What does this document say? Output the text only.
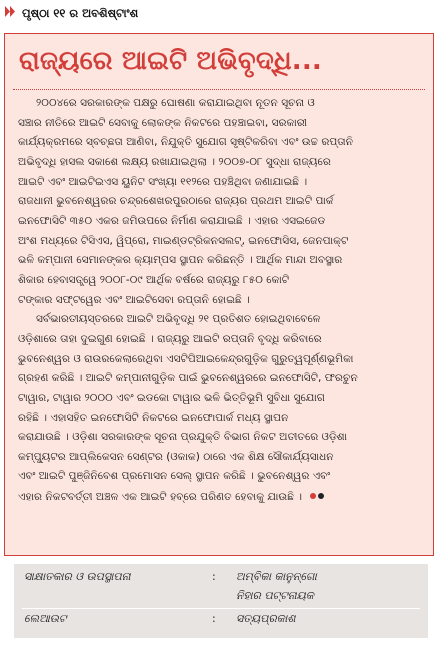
ପୃଷ୍ଠା ୧୧ ର ଅବଶିଷ୍ଟାଂଶ
ରାଜ୍ୟରେ ଆଇଟି ଅଭିବୃଦ୍ଧି...

୨୦୦୪ରେ ସରକାରଙ୍କ ପକ୍ଷରୁ ଘୋଷଣା କରାଯାଇଥିବା ନୂତନ ସୂଚନା ଓ
ସଞ୍ଚାର ନୀତିରେ ଆଇଟି ସେବାକୁ ଲୋକଙ୍କ ନିକଟରେ ପହଞ୍ଚାଇବା, ସରକାରୀ
କାର୍ଯ୍ୟକ୍ରମରେ ସ୍ବଚ୍ଛତା ଆଣିବା, ନିଯୁକ୍ତି ସୁଯୋଗ ସୃଷ୍ଟିକରିବା ଏବଂ ଉଚ୍ଚ ରପ୍ତାନି
ଅଭିବୃଦ୍ଧି ହାସଲ ସକାଶେ ଲକ୍ଷ୍ୟ ରଖାଯାଇଥିଲା । ୨୦୦୭-୦୮ ସୁଦ୍ଧା ରାଜ୍ୟରେ
ଆଇଟି ଏବଂ ଆଇଟିଇଏସ ୟୁନିଟ ସଂଖ୍ୟା ୧୧୨ରେ ପହଞ୍ଚିଥିବା ଜଣାଯାଇଛି ।
ରାଜଧାନୀ ଭୁବନେଶ୍ୱରର ଚନ୍ଦ୍ରଶେଖରପୁରଠାରେ ରାଜ୍ୟର ପ୍ରଥମ ଆଇଟି ପାର୍କ
ଇନଫୋସିଟି ୩୫୦ ଏକର ଜମିଉପରେ ନିର୍ମାଣ କରାଯାଇଛି । ଏହାର ଏସଇଜେଡ
ଅଂଶ ମଧ୍ୟରେ ଟିସିଏସ, ୱିପ୍ରୋ, ମାଇଣ୍ଡଟ୍ରିକନସଲଟ୍, ଇନଫୋସିସ, ଜେନପାକ୍ଟ
ଭଳି କମ୍ପାନୀ ସେମାନଙ୍କର କ୍ୟାମ୍ପସ ସ୍ଥାପନ କରିଛନ୍ତି । ଆର୍ଥିକ ମାନ୍ଦା ଅବସ୍ଥାର
ଶିକାର ହେବାସତ୍ତ୍ୱେ ୨୦୦୮-୦୯ ଆର୍ଥିକ ବର୍ଷରେ ରାଜ୍ୟରୁ ୮୫୦ କୋଟି
ଟଙ୍କାର ସଫ୍ଟୱେର ଏବଂ ଆଇଟିସେବା ରପ୍ତାନି ହୋଇଛି ।

ସର୍ବଭାରତୀୟସ୍ତରରେ ଆଇଟି ଅଭିବୃଦ୍ଧି ୨୧ ପ୍ରତିଶତ ହୋଇଥିବାବେଳେ
ଓଡ଼ିଶାରେ ତାହା ଦୁଇଗୁଣ ହୋଇଛି । ରାଜ୍ୟରୁ ଆଇଟି ରପ୍ତାନି ବୃଦ୍ଧି କରିବାରେ
ଭୁବନେଶ୍ୱର ଓ ରାଉରକେଲାରେଥିବା ଏସଟିପିଆଇକେନ୍ଦ୍ରଗୁଡ଼ିକ ଗୁରୁତ୍ୱପୂର୍ଣ୍ଣଭୂମିକା
ଗ୍ରହଣ କରିଛି । ଆଇଟି କମ୍ପାନୀଗୁଡ଼ିକ ପାଇଁ ଭୁବନେଶ୍ୱରରେ ଇନଫୋସିଟି, ଫରଚୁନ
ଟାୱାର, ଟାୱାର ୨୦୦୦ ଏବଂ ଇଡକୋ ଟାୱାର ଭଳି ଭିତ୍ତିଭୂମି ସୁବିଧା ସୁଯୋଗ
ରହିଛି । ଏହାସହିତ ଇନଫୋସିଟି ନିକଟରେ ଇନଫୋପାର୍କ ମଧ୍ୟ ସ୍ଥାପନ
କରାଯାଉଛି । ଓଡ଼ିଶା ସରକାରଙ୍କ ସୂଚନା ପ୍ରଯୁକ୍ତି ବିଭାଗ ନିକଟ ଅତୀତରେ ଓଡ଼ିଶା
କମ୍ପ୍ୟୁଟର ଆପ୍ଲିକେସନ ସେଣ୍ଟର (ଓକାକ) ଠାରେ ଏକ ଶିକ୍ଷ ସୌକାର୍ଯ୍ୟସାଧନ
ଏବଂ ଆଇଟି ପୁଞ୍ଜିନିବେଶ ପ୍ରମୋସନ ସେଲ୍ ସ୍ଥାପନ କରିଛି । ଭୁବନେଶ୍ୱର ଏବଂ
ଏହାର ନିକଟବର୍ତ୍ତୀ ଅଞ୍ଚଳ ଏକ ଆଇଟି ହବ୍‌ରେ ପରିଣତ ହେବାକୁ ଯାଉଛି ।

ସାକ୍ଷାତକାର ଓ ଉପସ୍ଥାପନା	: ଅମ୍ବିକା କାନୁନ୍‌ଗୋ
ନିହାର ପଟ୍ଟନାୟକ
ଲେଆଉଟ	: ସତ୍ୟପ୍ରକାଶ
